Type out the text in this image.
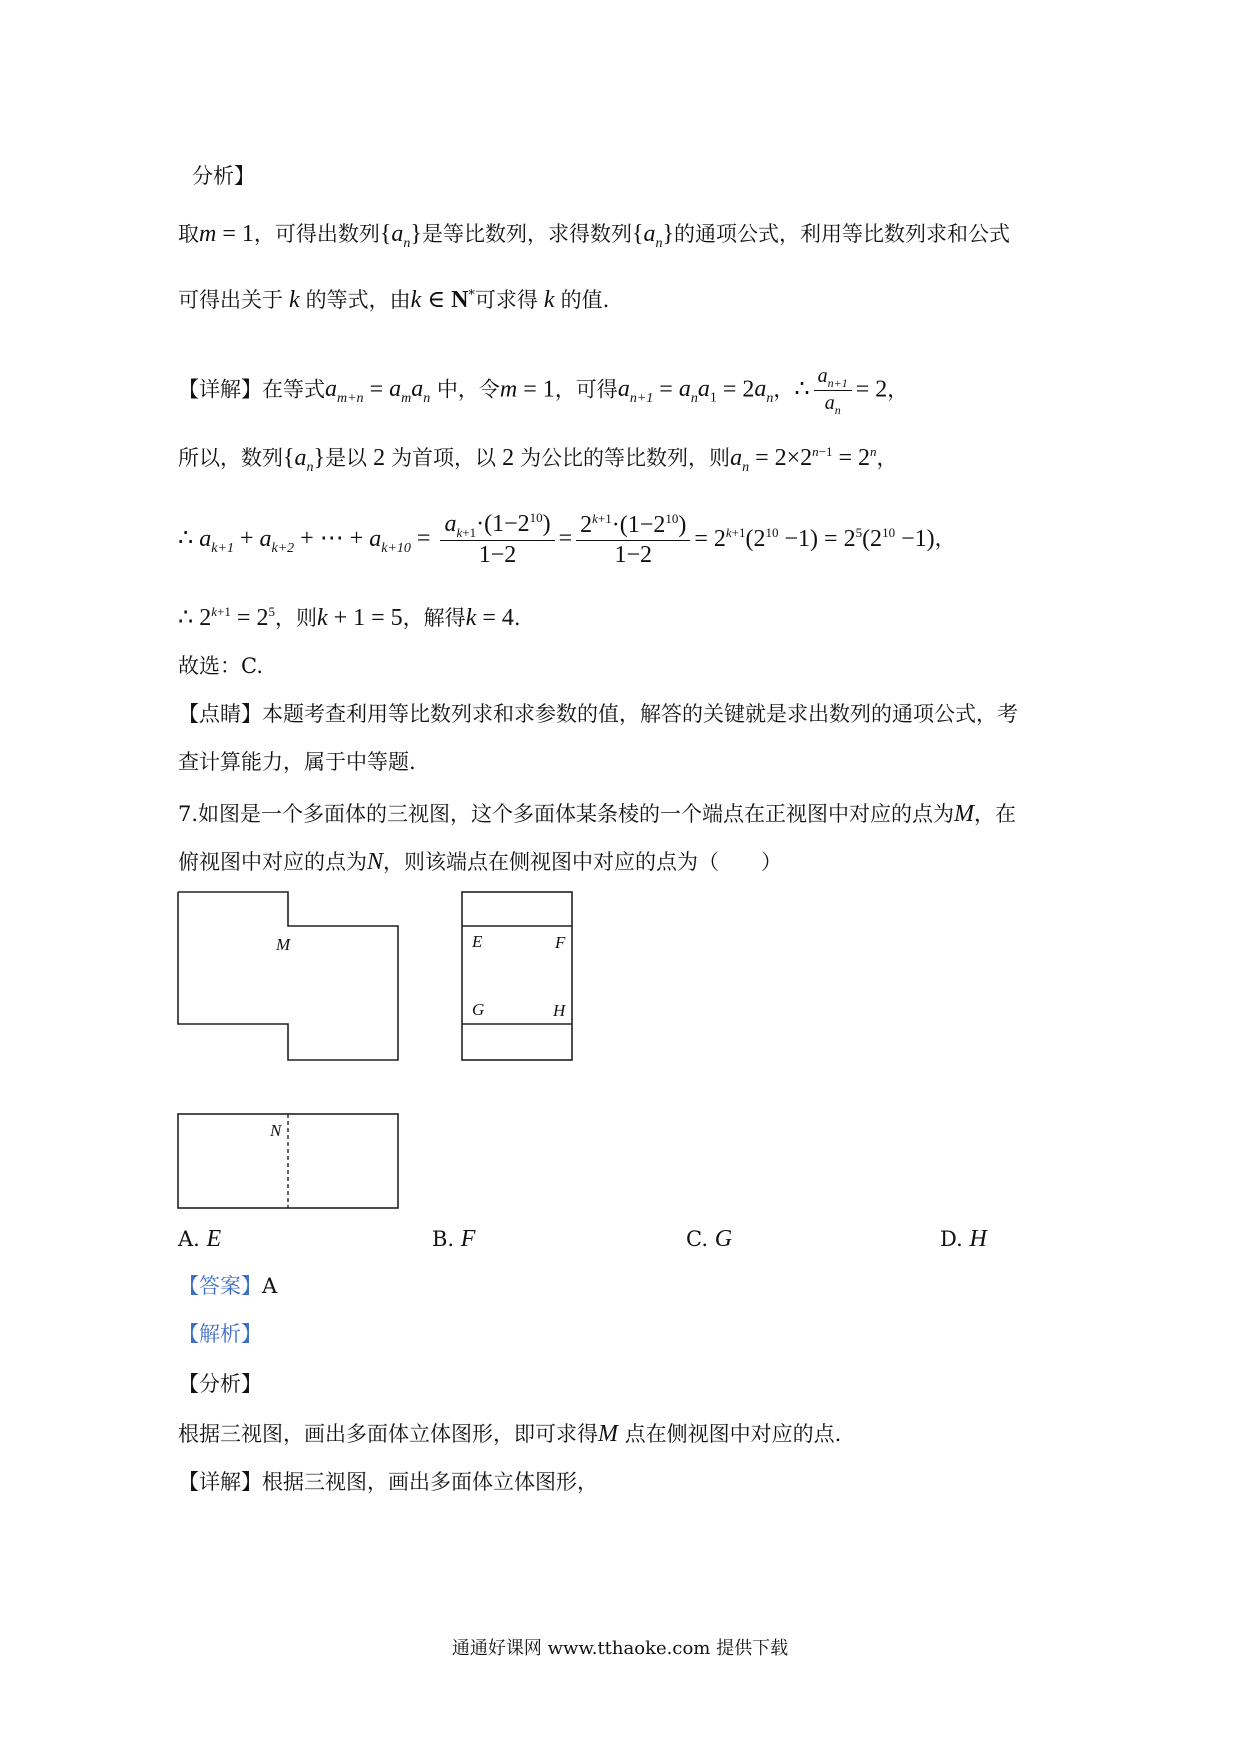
分析】
取m = 1，可得出数列$\{a_n\}$是等比数列，求得数列$\{a_n\}$的通项公式，利用等比数列求和公式
可得出关于 k 的等式，由k ∈ N*可求得 k 的值.
【详解】在等式$a_{m+n} = a_ma_n$ 中，令m = 1，可得$a_{n+1} = a_na_1 = 2a_n$，∴ $\frac{a_{n+1}}{a_n} = 2$，
所以，数列$\{a_n\}$是以 2 为首项，以 2 为公比的等比数列，则$a_n = 2\times 2^{n-1} = 2^n$，
∴ $a_{k+1} + a_{k+2}$ + ⋯ + $a_{k+10} = \frac{a_{k+1}\cdot(1-2^{10})}{1-2} = \frac{2^{k+1}\cdot(1-2^{10})}{1-2} = 2^{k+1}(2^{10} -1) = 2^5(2^{10} -1)$，
∴ $2^{k+1} = 2^5$，则k + 1 = 5，解得k = 4.
故选：C.
【点睛】本题考查利用等比数列求和求参数的值，解答的关键就是求出数列的通项公式，考
查计算能力，属于中等题.
7.如图是一个多面体的三视图，这个多面体某条棱的一个端点在正视图中对应的点为M，在
俯视图中对应的点为N，则该端点在侧视图中对应的点为（　　）
M	E	F
G	H
N
A. E	B. F	C. G	D. H
【答案】A
【解析】
【分析】
根据三视图，画出多面体立体图形，即可求得M 点在侧视图中对应的点.
【详解】根据三视图，画出多面体立体图形，
通通好课网 www.tthaoke.com 提供下载
